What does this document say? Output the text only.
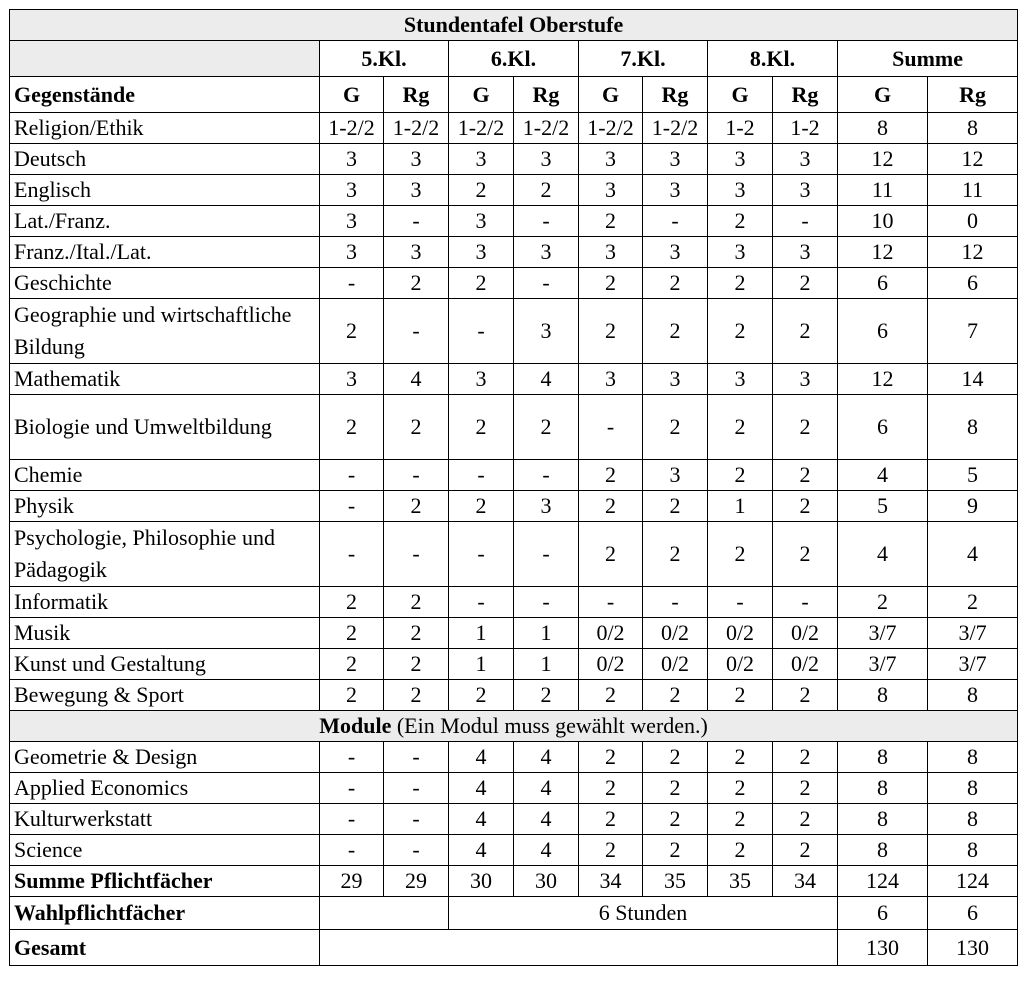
Stundentafel Oberstufe										
	5.Kl.		6.Kl.		7.Kl.		8.Kl.		Summe	
Gegenstände	G	Rg	G	Rg	G	Rg	G	Rg	G	Rg
Religion/Ethik	1-2/2	1-2/2	1-2/2	1-2/2	1-2/2	1-2/2	1-2	1-2	8	8
Deutsch	3	3	3	3	3	3	3	3	12	12
Englisch	3	3	2	2	3	3	3	3	11	11
Lat./Franz.	3	-	3	-	2	-	2	-	10	0
Franz./Ital./Lat.	3	3	3	3	3	3	3	3	12	12
Geschichte	-	2	2	-	2	2	2	2	6	6
Geographie und wirtschaftliche Bildung	2	-	-	3	2	2	2	2	6	7
Mathematik	3	4	3	4	3	3	3	3	12	14
Biologie und Umweltbildung	2	2	2	2	-	2	2	2	6	8
Chemie	-	-	-	-	2	3	2	2	4	5
Physik	-	2	2	3	2	2	1	2	5	9
Psychologie, Philosophie und Pädagogik	-	-	-	-	2	2	2	2	4	4
Informatik	2	2	-	-	-	-	-	-	2	2
Musik	2	2	1	1	0/2	0/2	0/2	0/2	3/7	3/7
Kunst und Gestaltung	2	2	1	1	0/2	0/2	0/2	0/2	3/7	3/7
Bewegung & Sport	2	2	2	2	2	2	2	2	8	8
Module (Ein Modul muss gewählt werden.)										
Geometrie & Design	-	-	4	4	2	2	2	2	8	8
Applied Economics	-	-	4	4	2	2	2	2	8	8
Kulturwerkstatt	-	-	4	4	2	2	2	2	8	8
Science	-	-	4	4	2	2	2	2	8	8
Summe Pflichtfächer	29	29	30	30	34	35	35	34	124	124
Wahlpflichtfächer			6 Stunden						6	6
Gesamt									130	130
